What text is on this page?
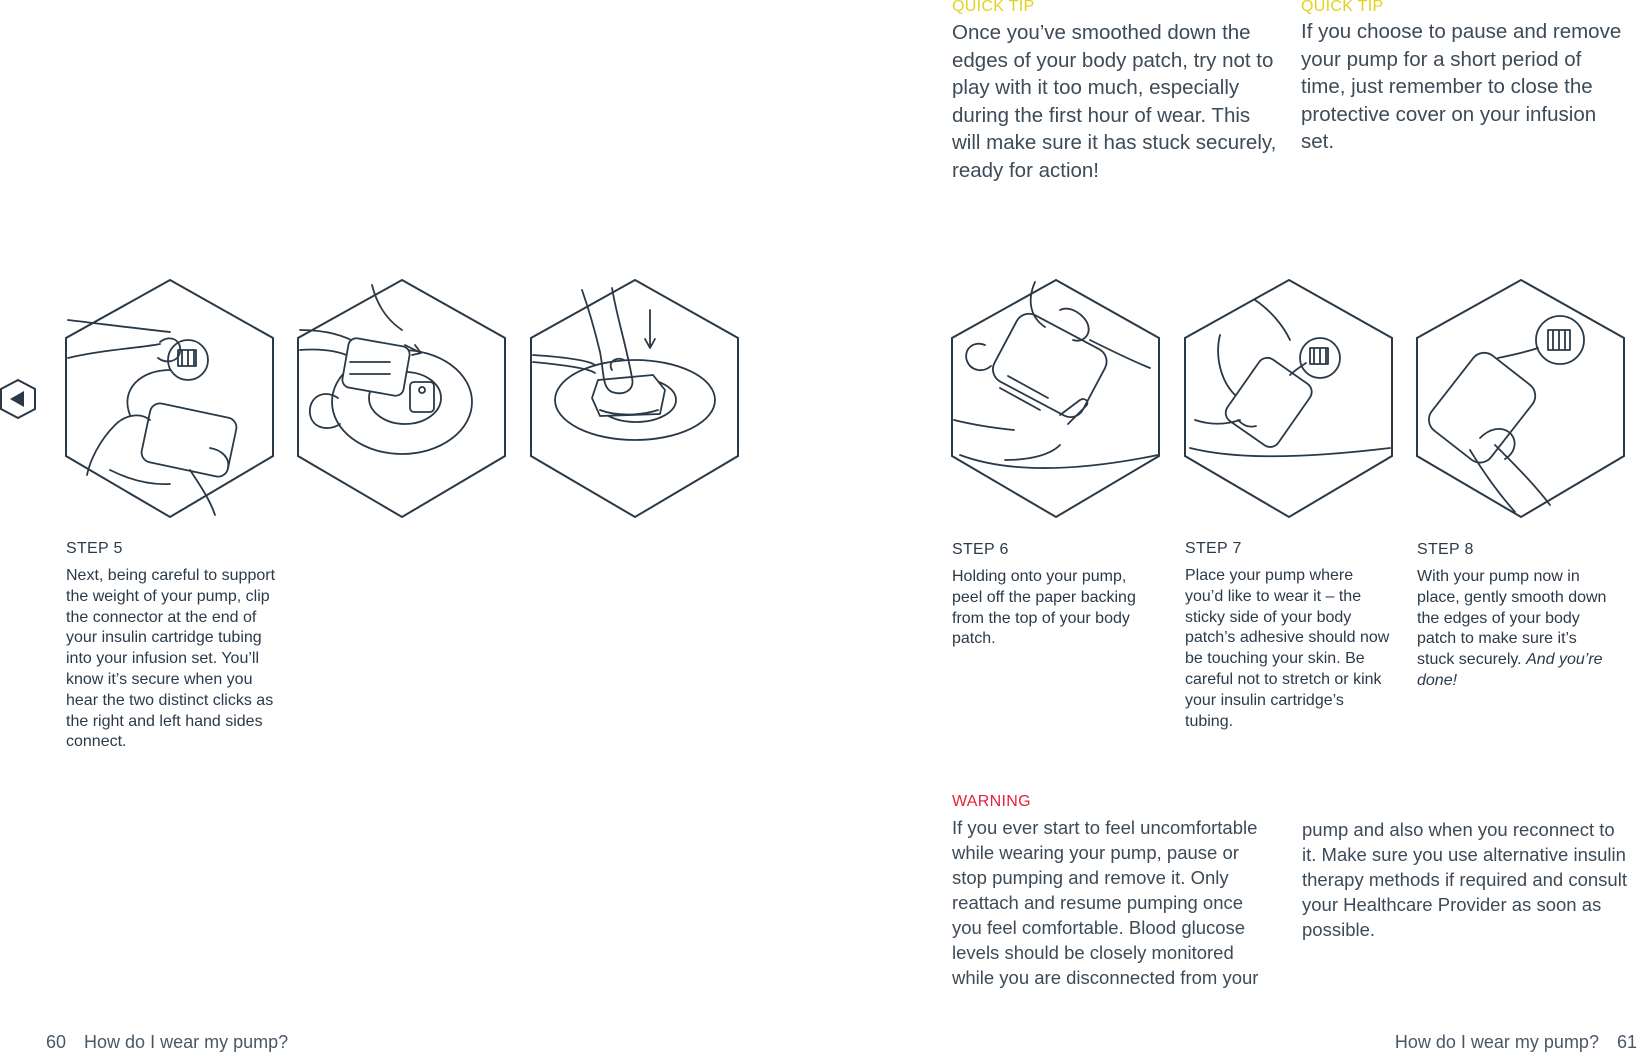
QUICK TIP
Once you’ve smoothed down the edges of your body patch, try not to play with it too much, especially during the first hour of wear. This will make sure it has stuck securely, ready for action!
QUICK TIP
If you choose to pause and remove your pump for a short period of time, just remember to close the protective cover on your infusion set.
STEP 5
Next, being careful to support the weight of your pump, clip the connector at the end of your insulin cartridge tubing into your infusion set. You’ll know it’s secure when you hear the two distinct clicks as the right and left hand sides connect.
STEP 6
Holding onto your pump, peel off the paper backing from the top of your body patch.
STEP 7
Place your pump where you’d like to wear it – the sticky side of your body patch’s adhesive should now be touching your skin. Be careful not to stretch or kink your insulin cartridge’s tubing.
STEP 8
With your pump now in place, gently smooth down the edges of your body patch to make sure it’s stuck securely. And you’re done!
WARNING
If you ever start to feel uncomfortable while wearing your pump, pause or stop pumping and remove it. Only reattach and resume pumping once you feel comfortable. Blood glucose levels should be closely monitored while you are disconnected from your
pump and also when you reconnect to it. Make sure you use alternative insulin therapy methods if required and consult your Healthcare Provider as soon as possible.
60 How do I wear my pump?	How do I wear my pump? 61
